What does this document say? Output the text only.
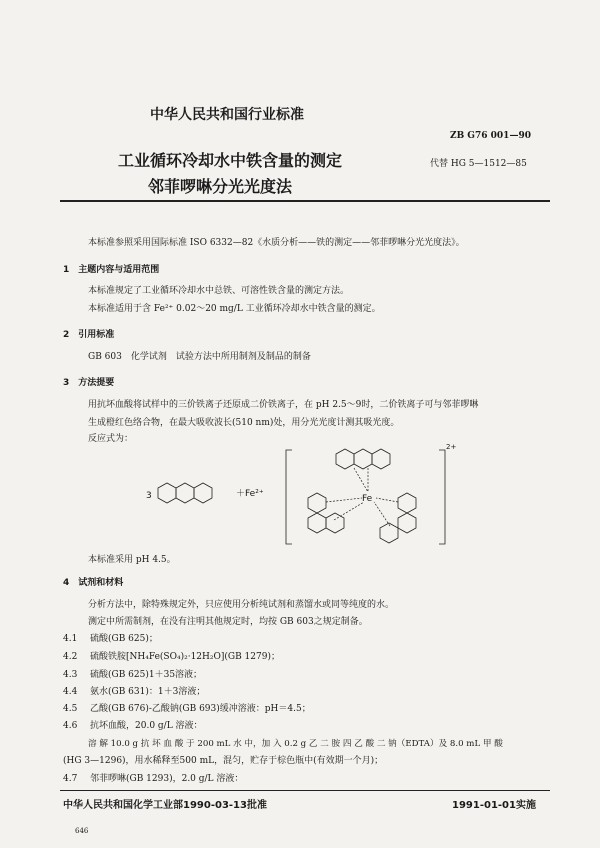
中华人民共和国行业标准
ZB G76 001—90
工业循环冷却水中铁含量的测定	代替 HG 5—1512—85
邻菲啰啉分光光度法
本标准参照采用国际标准 ISO 6332—82《水质分析——铁的测定——邻菲啰啉分光光度法》。
1　主题内容与适用范围
本标准规定了工业循环冷却水中总铁、可溶性铁含量的测定方法。
本标准适用于含 Fe²⁺ 0.02～20 mg/L 工业循环冷却水中铁含量的测定。
2　引用标准
GB 603　化学试剂　试验方法中所用制剂及制品的制备
3　方法提要
用抗坏血酸将试样中的三价铁离子还原成二价铁离子，在 pH 2.5～9时，二价铁离子可与邻菲啰啉
生成橙红色络合物，在最大吸收波长(510 nm)处，用分光光度计测其吸光度。
反应式为：
3	＋Fe²⁺	Fe
2+
本标准采用 pH 4.5。
4　试剂和材料
分析方法中，除特殊规定外，只应使用分析纯试剂和蒸馏水或同等纯度的水。
测定中所需制剂，在没有注明其他规定时，均按 GB 603之规定制备。
4.1 硫酸(GB 625)；
4.2 硫酸铁胺[NH₄Fe(SO₄)₂·12H₂O](GB 1279)；
4.3 硫酸(GB 625)1＋35溶液；
4.4 氨水(GB 631)：1＋3溶液；
4.5 乙酸(GB 676)-乙酸钠(GB 693)缓冲溶液：pH＝4.5；
4.6 抗坏血酸，20.0 g/L 溶液：
溶 解 10.0 g 抗 坏 血 酸 于 200 mL 水 中，加 入 0.2 g 乙 二 胺 四 乙 酸 二 钠（EDTA）及 8.0 mL 甲 酸
(HG 3—1296)，用水稀释至500 mL，混匀，贮存于棕色瓶中(有效期一个月)；
4.7 邻菲啰啉(GB 1293)，2.0 g/L 溶液：
中华人民共和国化学工业部1990-03-13批准	1991-01-01实施
646
